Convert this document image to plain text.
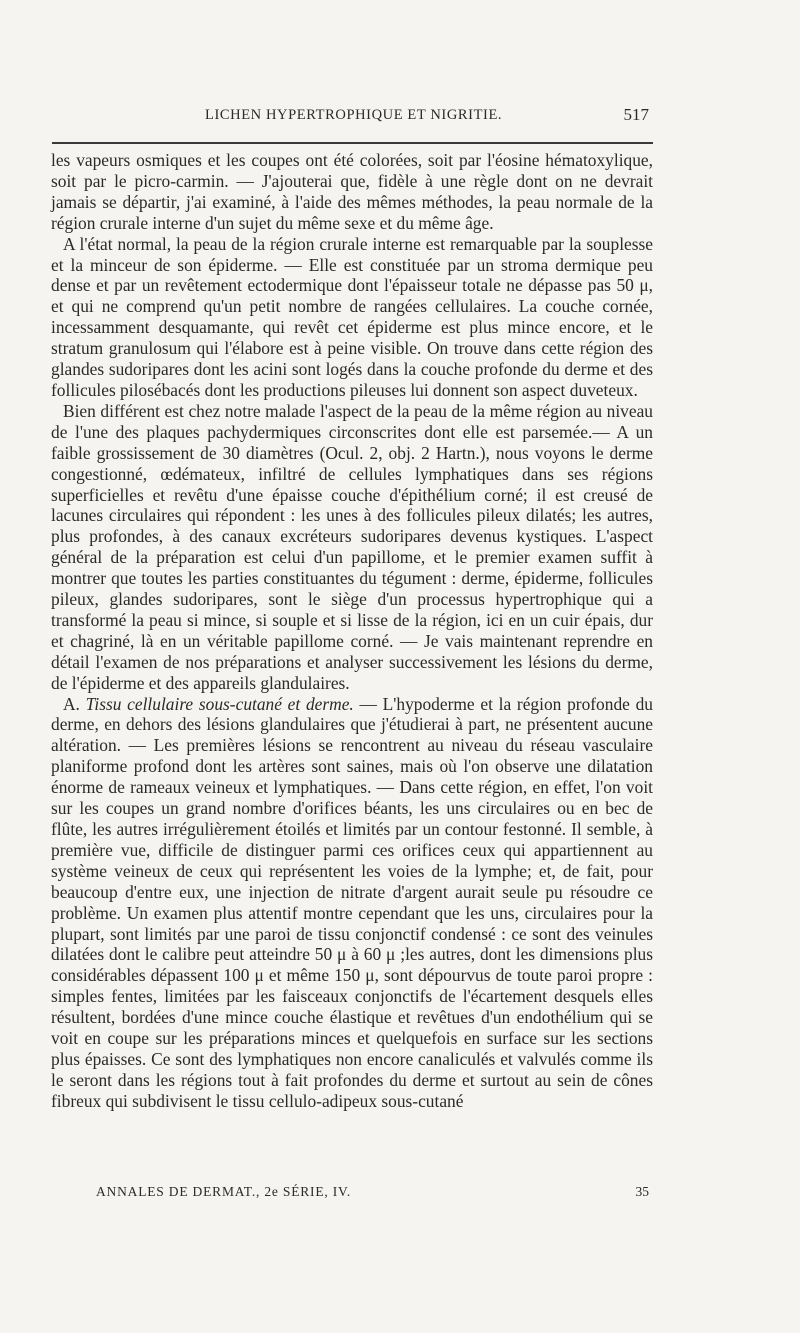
LICHEN HYPERTROPHIQUE ET NIGRITIE.	517

les vapeurs osmiques et les coupes ont été colorées, soit par l'éosine hématoxylique, soit par le picro-carmin. — J'ajouterai que, fidèle à une règle dont on ne devrait jamais se départir, j'ai examiné, à l'aide des mêmes méthodes, la peau normale de la région crurale interne d'un sujet du même sexe et du même âge.

A l'état normal, la peau de la région crurale interne est remarquable par la souplesse et la minceur de son épiderme. — Elle est constituée par un stroma dermique peu dense et par un revêtement ectodermique dont l'épaisseur totale ne dépasse pas 50 μ, et qui ne comprend qu'un petit nombre de rangées cellulaires. La couche cornée, incessamment desquamante, qui revêt cet épiderme est plus mince encore, et le stratum granulosum qui l'élabore est à peine visible. On trouve dans cette région des glandes sudoripares dont les acini sont logés dans la couche profonde du derme et des follicules pilosébacés dont les productions pileuses lui donnent son aspect duveteux.

Bien différent est chez notre malade l'aspect de la peau de la même région au niveau de l'une des plaques pachydermiques circonscrites dont elle est parsemée.— A un faible grossissement de 30 diamètres (Ocul. 2, obj. 2 Hartn.), nous voyons le derme congestionné, œdémateux, infiltré de cellules lymphatiques dans ses régions superficielles et revêtu d'une épaisse couche d'épithélium corné; il est creusé de lacunes circulaires qui répondent : les unes à des follicules pileux dilatés; les autres, plus profondes, à des canaux excréteurs sudoripares devenus kystiques. L'aspect général de la préparation est celui d'un papillome, et le premier examen suffit à montrer que toutes les parties constituantes du tégument : derme, épiderme, follicules pileux, glandes sudoripares, sont le siège d'un processus hypertrophique qui a transformé la peau si mince, si souple et si lisse de la région, ici en un cuir épais, dur et chagriné, là en un véritable papillome corné. — Je vais maintenant reprendre en détail l'examen de nos préparations et analyser successivement les lésions du derme, de l'épiderme et des appareils glandulaires.

A. Tissu cellulaire sous-cutané et derme. — L'hypoderme et la région profonde du derme, en dehors des lésions glandulaires que j'étudierai à part, ne présentent aucune altération. — Les premières lésions se rencontrent au niveau du réseau vasculaire planiforme profond dont les artères sont saines, mais où l'on observe une dilatation énorme de rameaux veineux et lymphatiques. — Dans cette région, en effet, l'on voit sur les coupes un grand nombre d'orifices béants, les uns circulaires ou en bec de flûte, les autres irrégulièrement étoilés et limités par un contour festonné. Il semble, à première vue, difficile de distinguer parmi ces orifices ceux qui appartiennent au système veineux de ceux qui représentent les voies de la lymphe; et, de fait, pour beaucoup d'entre eux, une injection de nitrate d'argent aurait seule pu résoudre ce problème. Un examen plus attentif montre cependant que les uns, circulaires pour la plupart, sont limités par une paroi de tissu conjonctif condensé : ce sont des veinules dilatées dont le calibre peut atteindre 50 μ à 60 μ ;les autres, dont les dimensions plus considérables dépassent 100 μ et même 150 μ, sont dépourvus de toute paroi propre : simples fentes, limitées par les faisceaux conjonctifs de l'écartement desquels elles résultent, bordées d'une mince couche élastique et revêtues d'un endothélium qui se voit en coupe sur les préparations minces et quelquefois en surface sur les sections plus épaisses. Ce sont des lymphatiques non encore canaliculés et valvulés comme ils le seront dans les régions tout à fait profondes du derme et surtout au sein de cônes fibreux qui subdivisent le tissu cellulo-adipeux sous-cutané

ANNALES DE DERMAT., 2e SÉRIE, IV.	35
